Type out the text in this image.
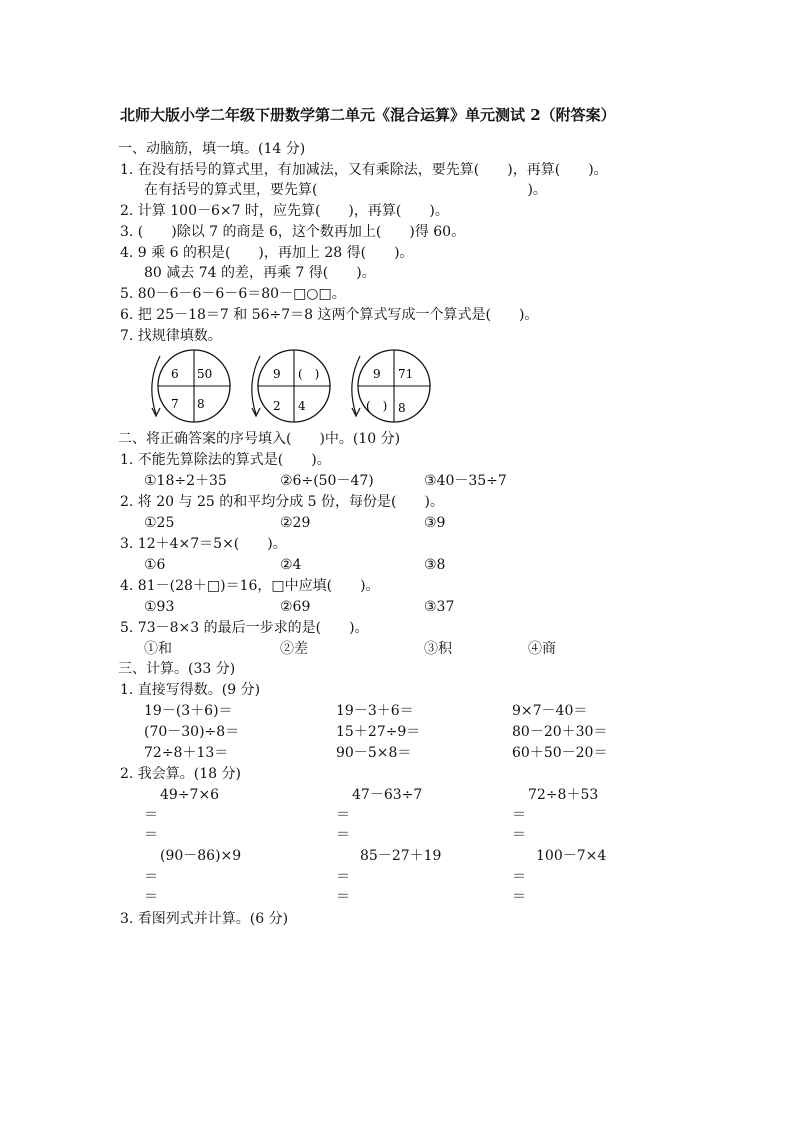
北师大版小学二年级下册数学第二单元《混合运算》单元测试 2（附答案）
一、动脑筋，填一填。(14 分)
1. 在没有括号的算式里，有加减法，又有乘除法，要先算(　　)，再算(　　)。
在有括号的算式里，要先算(　　　　　　　　　　　　　　　)。
2. 计算 100－6×7 时，应先算(　　)，再算(　　)。
3. (　　)除以 7 的商是 6，这个数再加上(　　)得 60。
4. 9 乘 6 的积是(　　)，再加上 28 得(　　)。
80 减去 74 的差，再乘 7 得(　　)。
5. 80－6－6－6－6＝80－□○□。
6. 把 25－18＝7 和 56÷7＝8 这两个算式写成一个算式是(　　)。
7. 找规律填数。
6 50
7 8
9 (　)
2 4
9 71
(　) 8
二、将正确答案的序号填入(　　)中。(10 分)
1. 不能先算除法的算式是(　　)。
①18÷2＋35	②6÷(50－47)	③40－35÷7
2. 将 20 与 25 的和平均分成 5 份，每份是(　　)。
①25	②29	③9
3. 12＋4×7＝5×(　　)。
①6	②4	③8
4. 81－(28＋□)＝16，□中应填(　　)。
①93	②69	③37
5. 73－8×3 的最后一步求的是(　　)。
①和	②差	③积	④商
三、计算。(33 分)
1. 直接写得数。(9 分)
19－(3＋6)＝	19－3＋6＝	9×7－40＝
(70－30)÷8＝	15＋27÷9＝	80－20＋30＝
72÷8＋13＝	90－5×8＝	60＋50－20＝
2. 我会算。(18 分)
49÷7×6	47－63÷7	72÷8＋53
＝	＝	＝
＝	＝	＝
(90－86)×9	85－27＋19	100－7×4
＝	＝	＝
＝	＝	＝
3. 看图列式并计算。(6 分)
